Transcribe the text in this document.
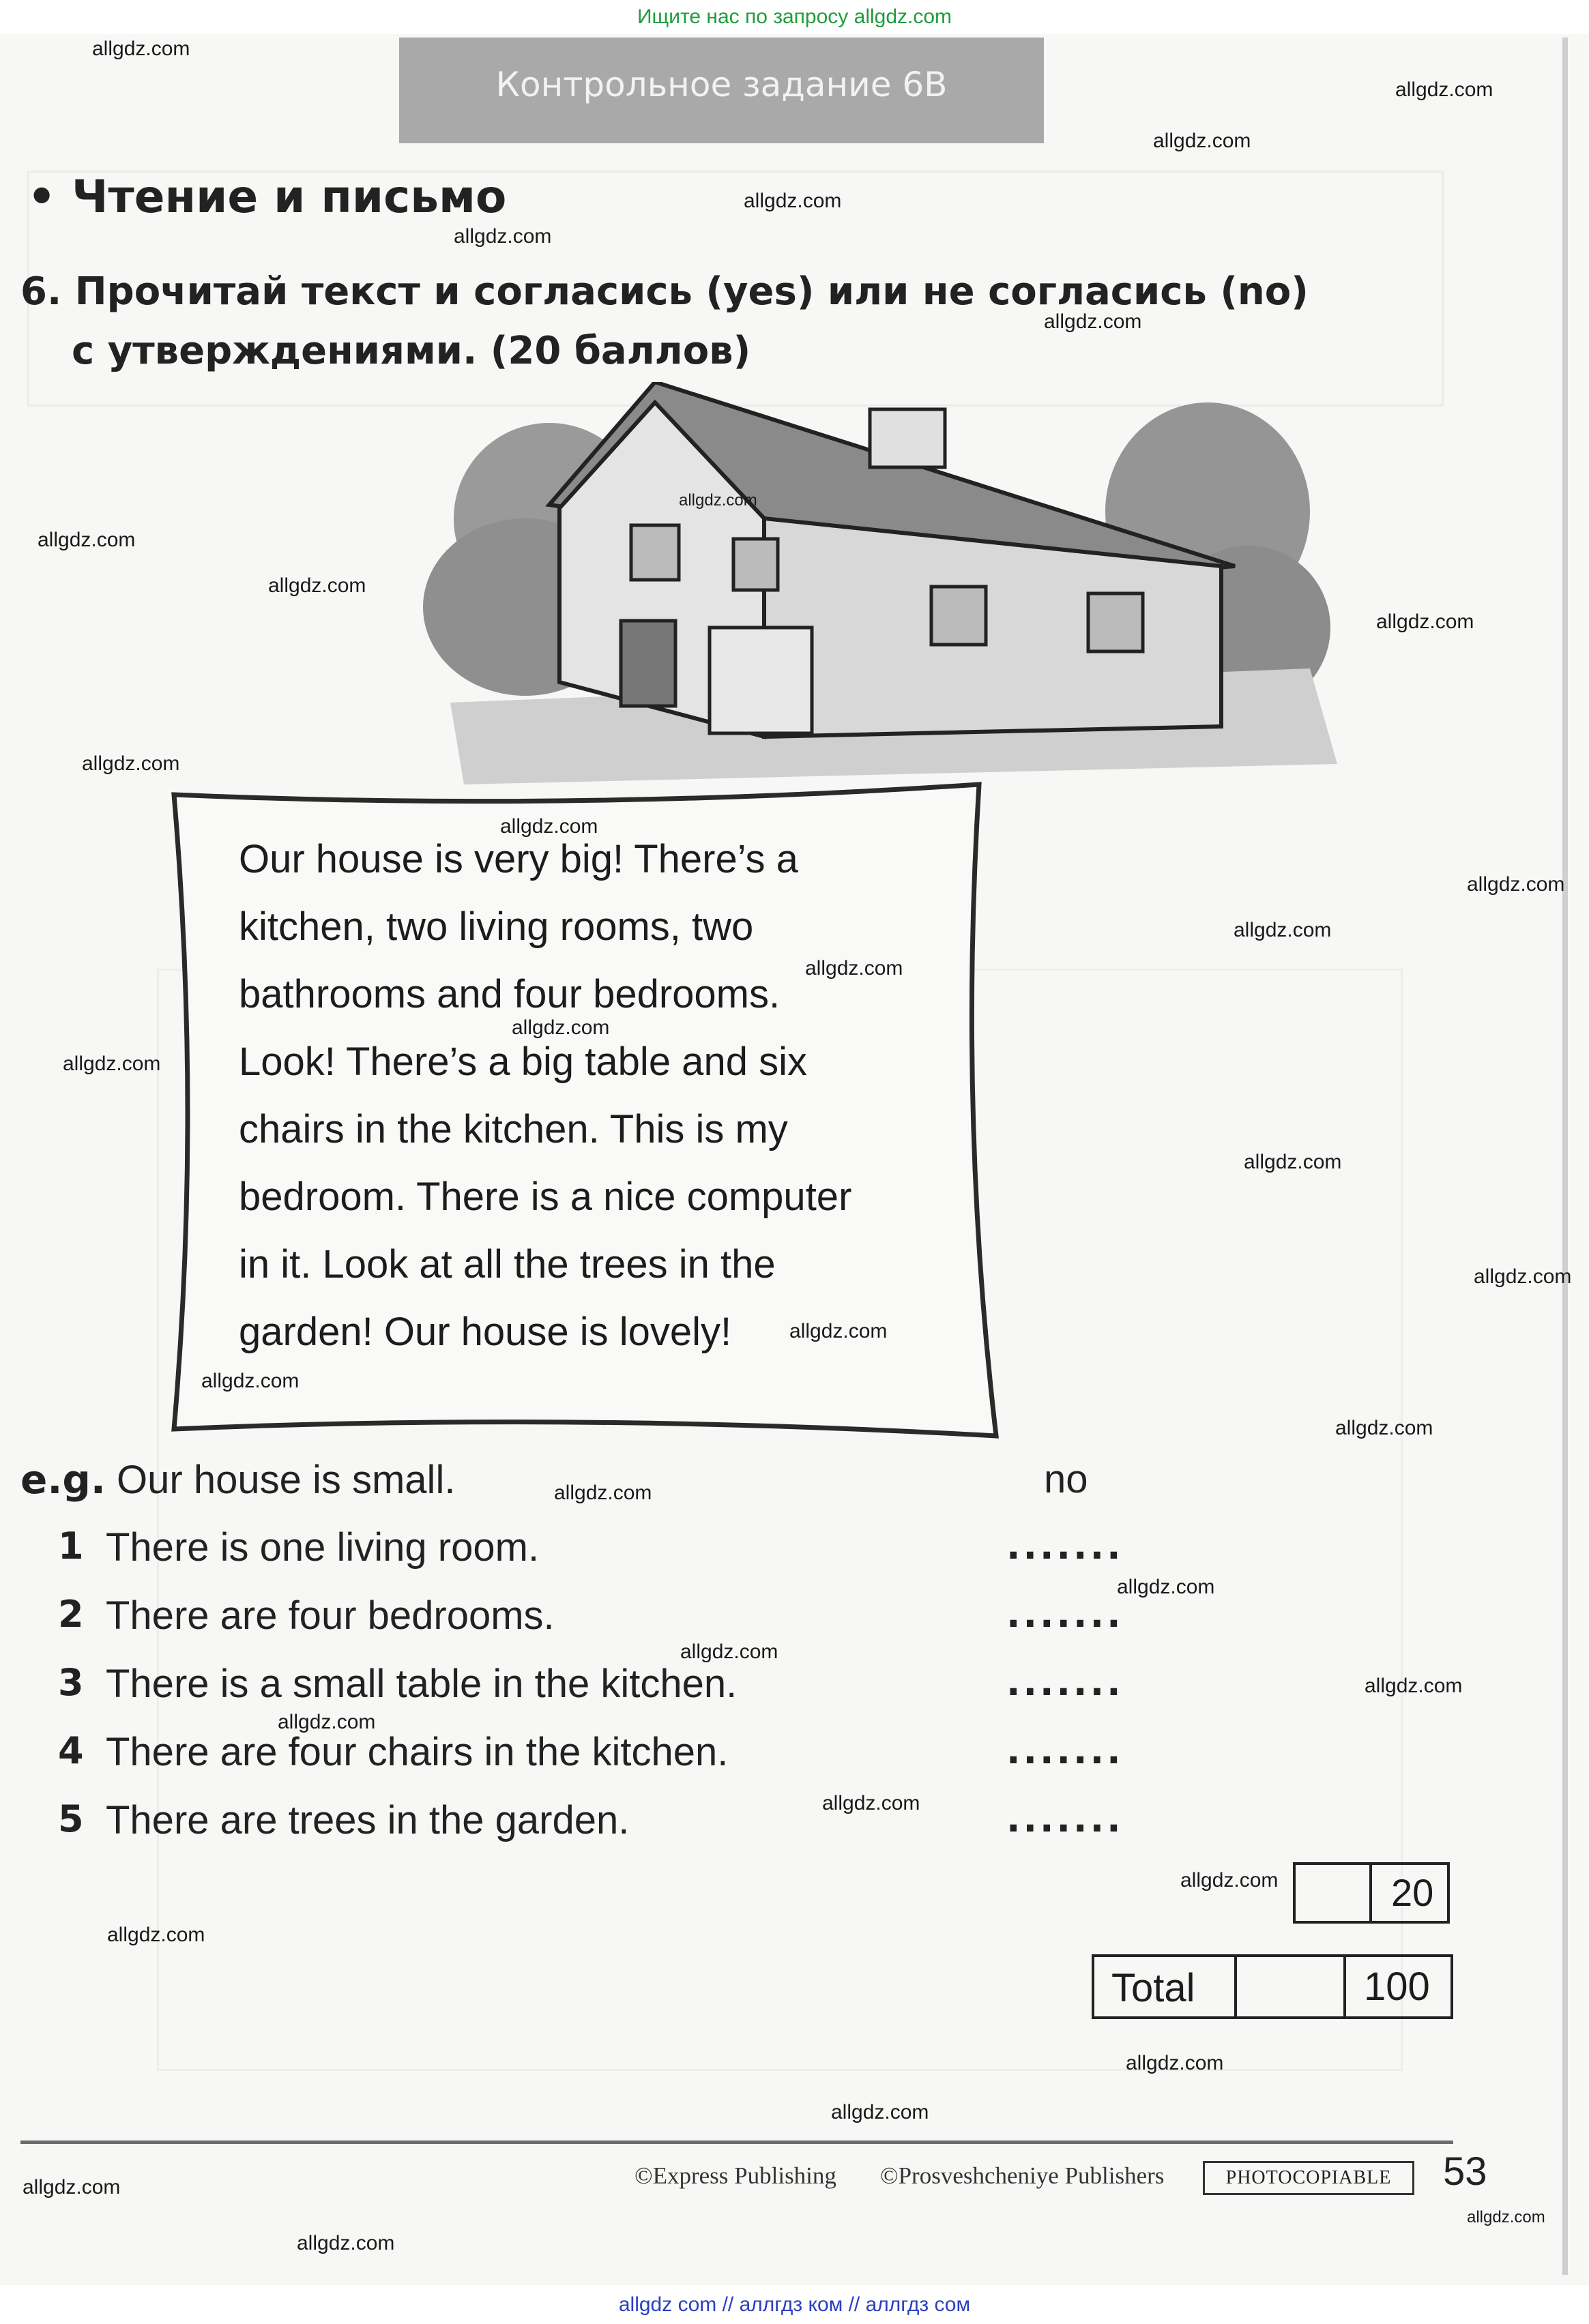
Ищите нас по запросу allgdz.com
Контрольное задание 6В
• Чтение и письмо
6. Прочитай текст и согласись (yes) или не согласись (no)
с утверждениями. (20 баллов)
Our house is very big! There’s a
kitchen, two living rooms, two
bathrooms and four bedrooms.
Look! There’s a big table and six
chairs in the kitchen. This is my
bedroom. There is a nice computer
in it. Look at all the trees in the
garden! Our house is lovely!
e.g. Our house is small.	no
1 There is one living room.	.......
2 There are four bedrooms.	.......
3 There is a small table in the kitchen.	.......
4 There are four chairs in the kitchen.	.......
5 There are trees in the garden.	.......
20
Total	100
©Express Publishing ©Prosveshcheniye Publishers	PHOTOCOPIABLE	53
allgdz.com
allgdz.com
allgdz.com
allgdz.com
allgdz.com
allgdz.com
allgdz.com
allgdz.com
allgdz.com
allgdz.com
allgdz.com
allgdz.com
allgdz.com
allgdz.com
allgdz.com
allgdz.com
allgdz.com
allgdz.com
allgdz.com
allgdz.com
allgdz.com
allgdz.com
allgdz.com
allgdz.com
allgdz.com
allgdz.com
allgdz.com
allgdz.com
allgdz.com
allgdz.com
allgdz.com
allgdz.com
allgdz.com
allgdz.com
allgdz.com
allgdz com // аллгдз ком // аллгдз сом
